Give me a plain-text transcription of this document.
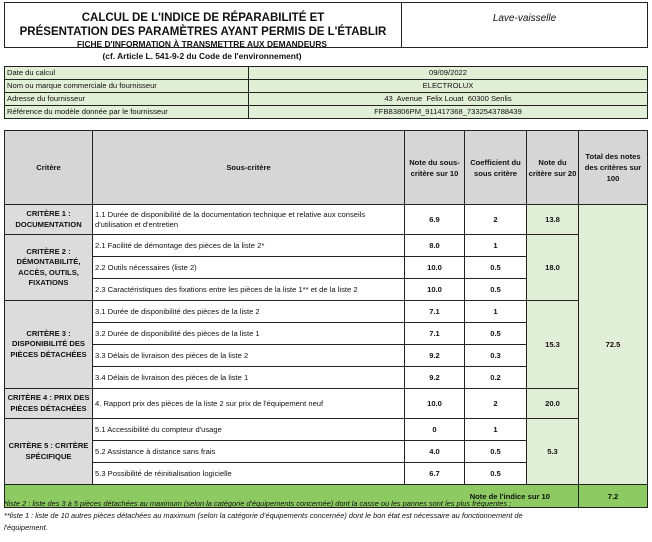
CALCUL DE L'INDICE DE RÉPARABILITÉ ET
PRÉSENTATION DES PARAMÈTRES AYANT PERMIS DE L'ÉTABLIR
	Lave-vaisselle
FICHE D'INFORMATION À TRANSMETTRE AUX DEMANDEURS
(cf. Article L. 541-9-2 du Code de l'environnement)
Date du calcul	09/09/2022
Nom ou marque commerciale du fournisseur	ELECTROLUX
Adresse du fournisseur	43  Avenue  Felix Louat  60300 Senlis
Référence du modèle donnée par le fournisseur	FFB83806PM_911417368_7332543788439
Critère	Sous-critère	Note du sous-critère sur 10	Coefficient du sous critère	Note du critère sur 20	Total des notes des critères sur 100
CRITÈRE 1 : DOCUMENTATION	1.1 Durée de disponibilité de la documentation technique et relative aux conseils d'utilisation et d'entretien	6.9	2	13.8	72.5
CRITÈRE 2 : DÉMONTABILITÉ, ACCÈS, OUTILS, FIXATIONS	2.1 Facilité de démontage des pièces de la liste 2*	8.0	1	18.0	
	2.2 Outils nécessaires (liste 2)	10.0	0.5		
	2.3 Caractéristiques des fixations entre les pièces de la liste 1** et de la liste 2	10.0	0.5		
CRITÈRE 3 : DISPONIBILITÉ DES PIÈCES DÉTACHÉES	3.1 Durée de disponibilité des pièces de la liste 2	7.1	1	15.3	
	3.2 Durée de disponibilité des pièces de la liste 1	7.1	0.5		
	3.3 Délais de livraison des pièces de la liste 2	9.2	0.3		
	3.4 Délais de livraison des pièces de la liste 1	9.2	0.2		
CRITÈRE 4 : PRIX DES PIÈCES DÉTACHÉES	4. Rapport prix des pièces de la liste 2 sur prix de l'équipement neuf	10.0	2	20.0	
CRITÈRE 5 : CRITÈRE SPÉCIFIQUE	5.1 Accessibilité du compteur d'usage	0	1	5.3	
	5.2 Assistance à distance sans frais	4.0	0.5		
	5.3 Possibilité de réinitialisation logicielle	6.7	0.5		
Note de l'indice sur 10					7.2
*liste 2 : liste des 3 à 5 pièces détachées au maximum (selon la catégorie d'équipements concernée) dont la casse ou les pannes sont les plus fréquentes ;
**liste 1 : liste de 10 autres pièces détachées au maximum (selon la catégorie d'équipements concernée) dont le bon état est nécessaire au fonctionnement de
l'équipement.
